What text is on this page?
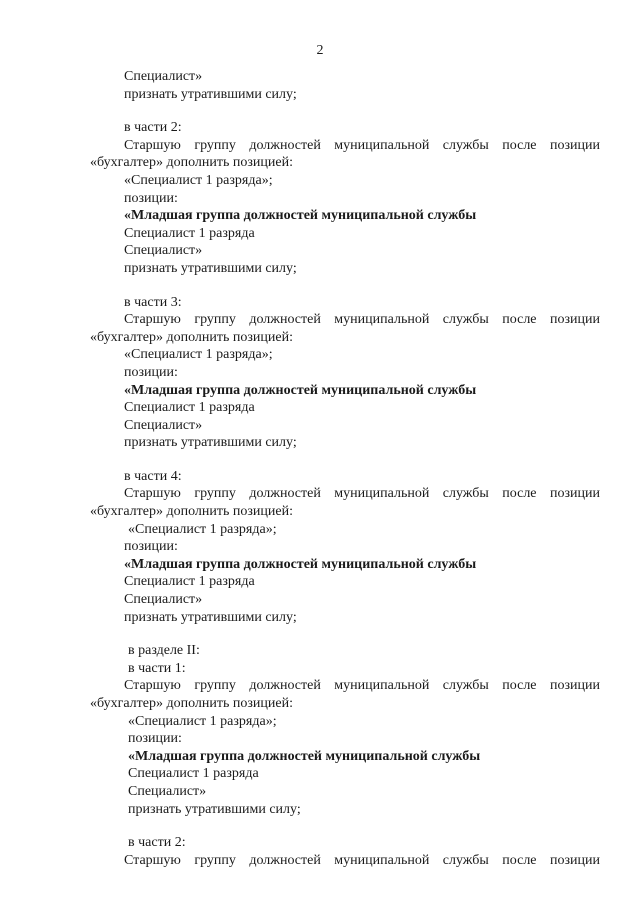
2
Специалист»
признать утратившими силу;
в части 2:
Старшую группу должностей муниципальной службы после позиции
«бухгалтер» дополнить позицией:
«Специалист 1 разряда»;
позиции:
«Младшая группа должностей муниципальной службы
Специалист 1 разряда
Специалист»
признать утратившими силу;
в части 3:
Старшую группу должностей муниципальной службы после позиции
«бухгалтер» дополнить позицией:
«Специалист 1 разряда»;
позиции:
«Младшая группа должностей муниципальной службы
Специалист 1 разряда
Специалист»
признать утратившими силу;
в части 4:
Старшую группу должностей муниципальной службы после позиции
«бухгалтер» дополнить позицией:
«Специалист 1 разряда»;
позиции:
«Младшая группа должностей муниципальной службы
Специалист 1 разряда
Специалист»
признать утратившими силу;
в разделе II:
в части 1:
Старшую группу должностей муниципальной службы после позиции
«бухгалтер» дополнить позицией:
«Специалист 1 разряда»;
позиции:
«Младшая группа должностей муниципальной службы
Специалист 1 разряда
Специалист»
признать утратившими силу;
в части 2:
Старшую группу должностей муниципальной службы после позиции
